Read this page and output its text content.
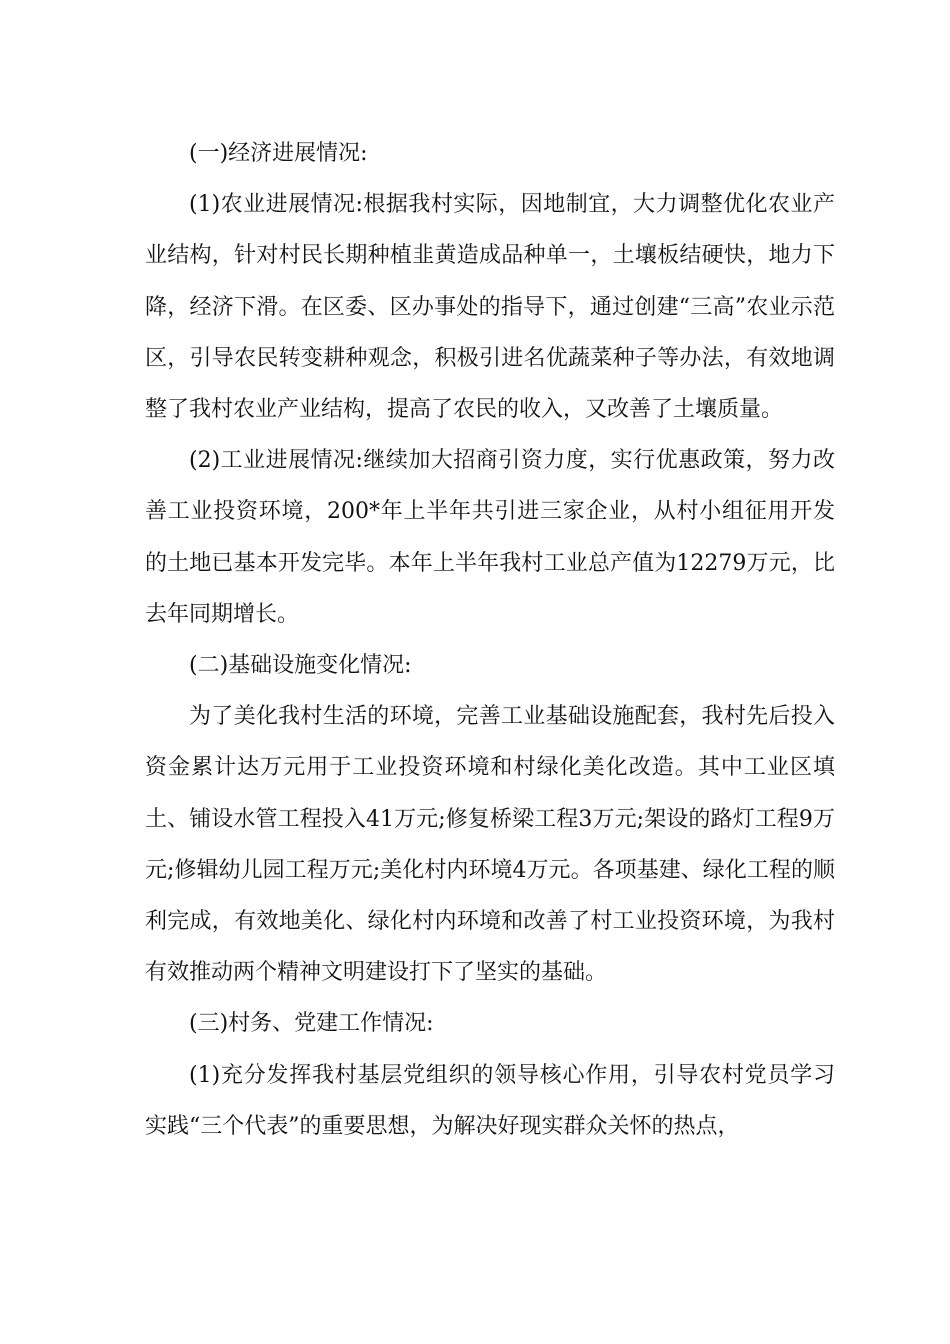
(一)经济进展情况:

(1)农业进展情况:根据我村实际，因地制宜，大力调整优化农业产业结构，针对村民长期种植韭黄造成品种单一，土壤板结硬快，地力下降，经济下滑。在区委、区办事处的指导下，通过创建“三高”农业示范区，引导农民转变耕种观念，积极引进名优蔬菜种子等办法，有效地调整了我村农业产业结构，提高了农民的收入，又改善了土壤质量。

(2)工业进展情况:继续加大招商引资力度，实行优惠政策，努力改善工业投资环境，200*年上半年共引进三家企业，从村小组征用开发的土地已基本开发完毕。本年上半年我村工业总产值为12279万元，比去年同期增长。

(二)基础设施变化情况:

为了美化我村生活的环境，完善工业基础设施配套，我村先后投入资金累计达万元用于工业投资环境和村绿化美化改造。其中工业区填土、铺设水管工程投入41万元;修复桥梁工程3万元;架设的路灯工程9万元;修辑幼儿园工程万元;美化村内环境4万元。各项基建、绿化工程的顺利完成，有效地美化、绿化村内环境和改善了村工业投资环境，为我村有效推动两个精神文明建设打下了坚实的基础。

(三)村务、党建工作情况:

(1)充分发挥我村基层党组织的领导核心作用，引导农村党员学习实践“三个代表”的重要思想，为解决好现实群众关怀的热点，
